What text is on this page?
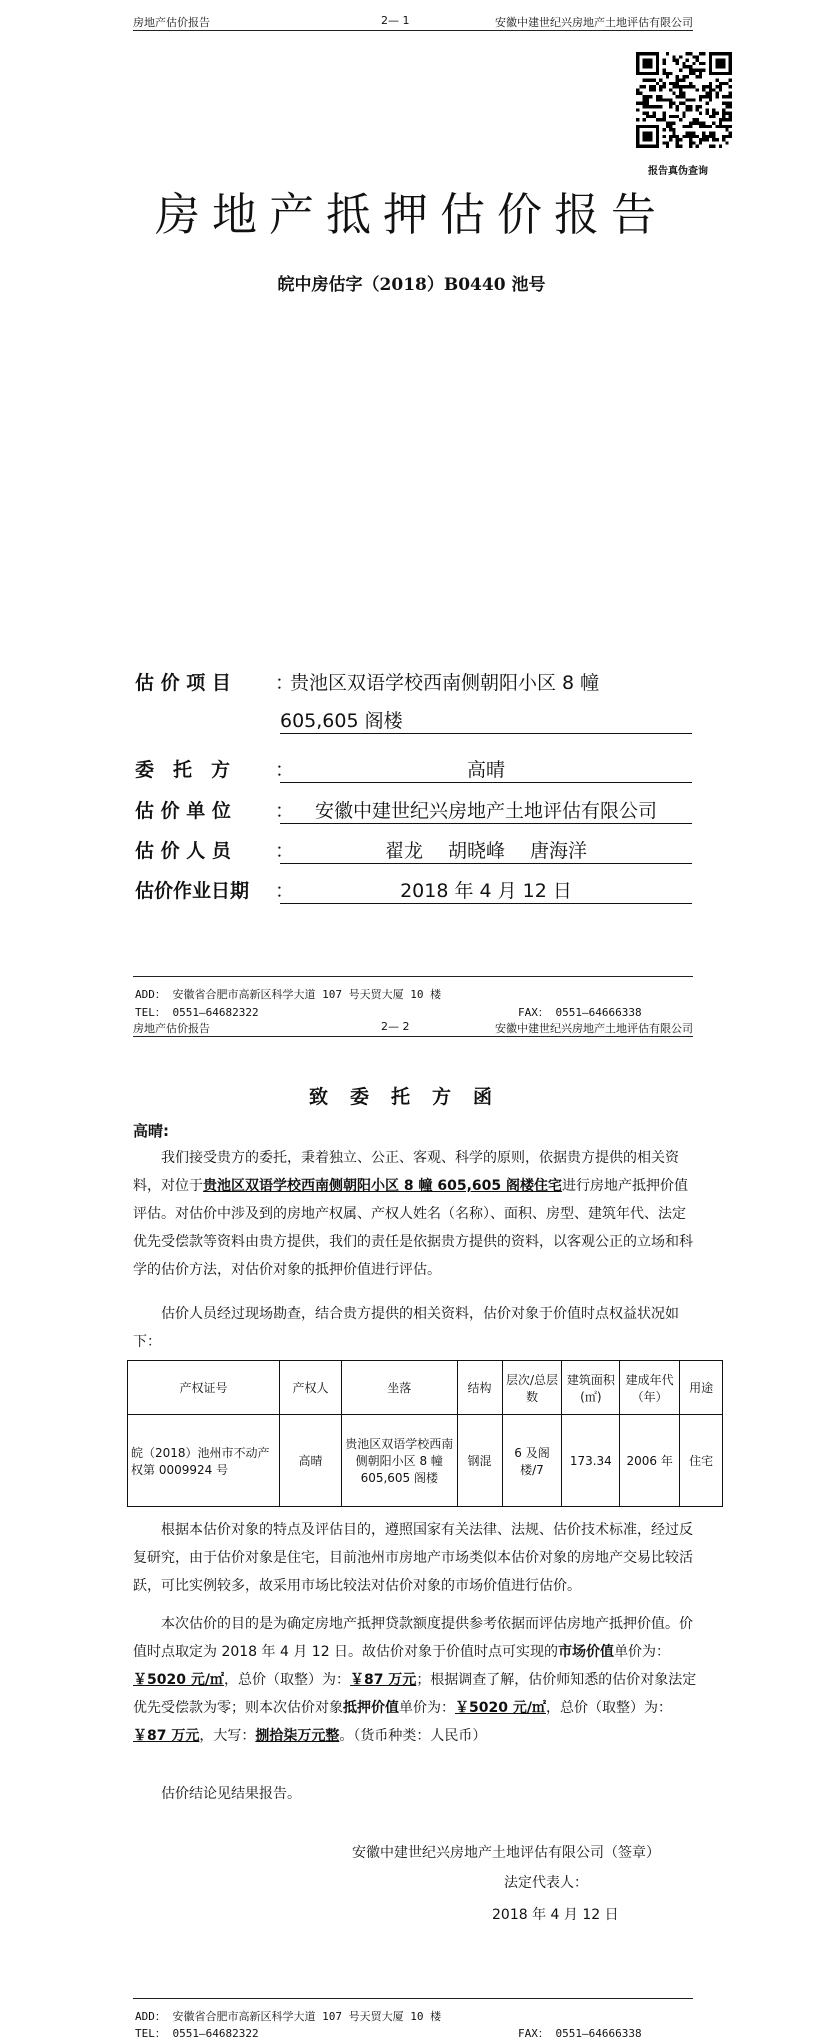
房地产估价报告	2— 1	安徽中建世纪兴房地产土地评估有限公司
报告真伪查询
房地产抵押估价报告
皖中房估字（2018）B0440 池号
估 价 项 目 ：
贵池区双语学校西南侧朝阳小区 8 幢
605,605 阁楼
委　托　方 ：	高晴
估 价 单 位 ：	安徽中建世纪兴房地产土地评估有限公司
估 价 人 员 ：	翟龙　 胡晓峰　 唐海洋
估价作业日期 ：	2018 年 4 月 12 日
ADD： 安徽省合肥市高新区科学大道 107 号天贸大厦 10 楼
TEL： 0551—64682322	FAX： 0551—64666338
房地产估价报告	2— 2	安徽中建世纪兴房地产土地评估有限公司
致委托方函
高晴:
我们接受贵方的委托，秉着独立、公正、客观、科学的原则，依据贵方提供的相关资料，对位于贵池区双语学校西南侧朝阳小区 8 幢 605,605 阁楼住宅进行房地产抵押价值评估。对估价中涉及到的房地产权属、产权人姓名（名称）、面积、房型、建筑年代、法定优先受偿款等资料由贵方提供，我们的责任是依据贵方提供的资料，以客观公正的立场和科学的估价方法，对估价对象的抵押价值进行评估。
估价人员经过现场勘查，结合贵方提供的相关资料，估价对象于价值时点权益状况如下：
产权证号	产权人	坐落	结构	层次/总层数	建筑面积(㎡)	建成年代（年）	用途
皖（2018）池州市不动产权第 0009924 号	高晴	贵池区双语学校西南侧朝阳小区 8 幢 605,605 阁楼	钢混	6 及阁楼/7	173.34	2006 年	住宅
根据本估价对象的特点及评估目的，遵照国家有关法律、法规、估价技术标准，经过反复研究，由于估价对象是住宅，目前池州市房地产市场类似本估价对象的房地产交易比较活跃，可比实例较多，故采用市场比较法对估价对象的市场价值进行估价。
本次估价的目的是为确定房地产抵押贷款额度提供参考依据而评估房地产抵押价值。价值时点取定为 2018 年 4 月 12 日。故估价对象于价值时点可实现的市场价值单价为：￥5020 元/㎡，总价（取整）为：￥87 万元；根据调查了解，估价师知悉的估价对象法定优先受偿款为零；则本次估价对象抵押价值单价为：￥5020 元/㎡，总价（取整）为：￥87 万元，大写：捌拾柒万元整。（货币种类：人民币）
估价结论见结果报告。
安徽中建世纪兴房地产土地评估有限公司（签章）
法定代表人：
2018 年 4 月 12 日
ADD： 安徽省合肥市高新区科学大道 107 号天贸大厦 10 楼
TEL： 0551—64682322	FAX： 0551—64666338
